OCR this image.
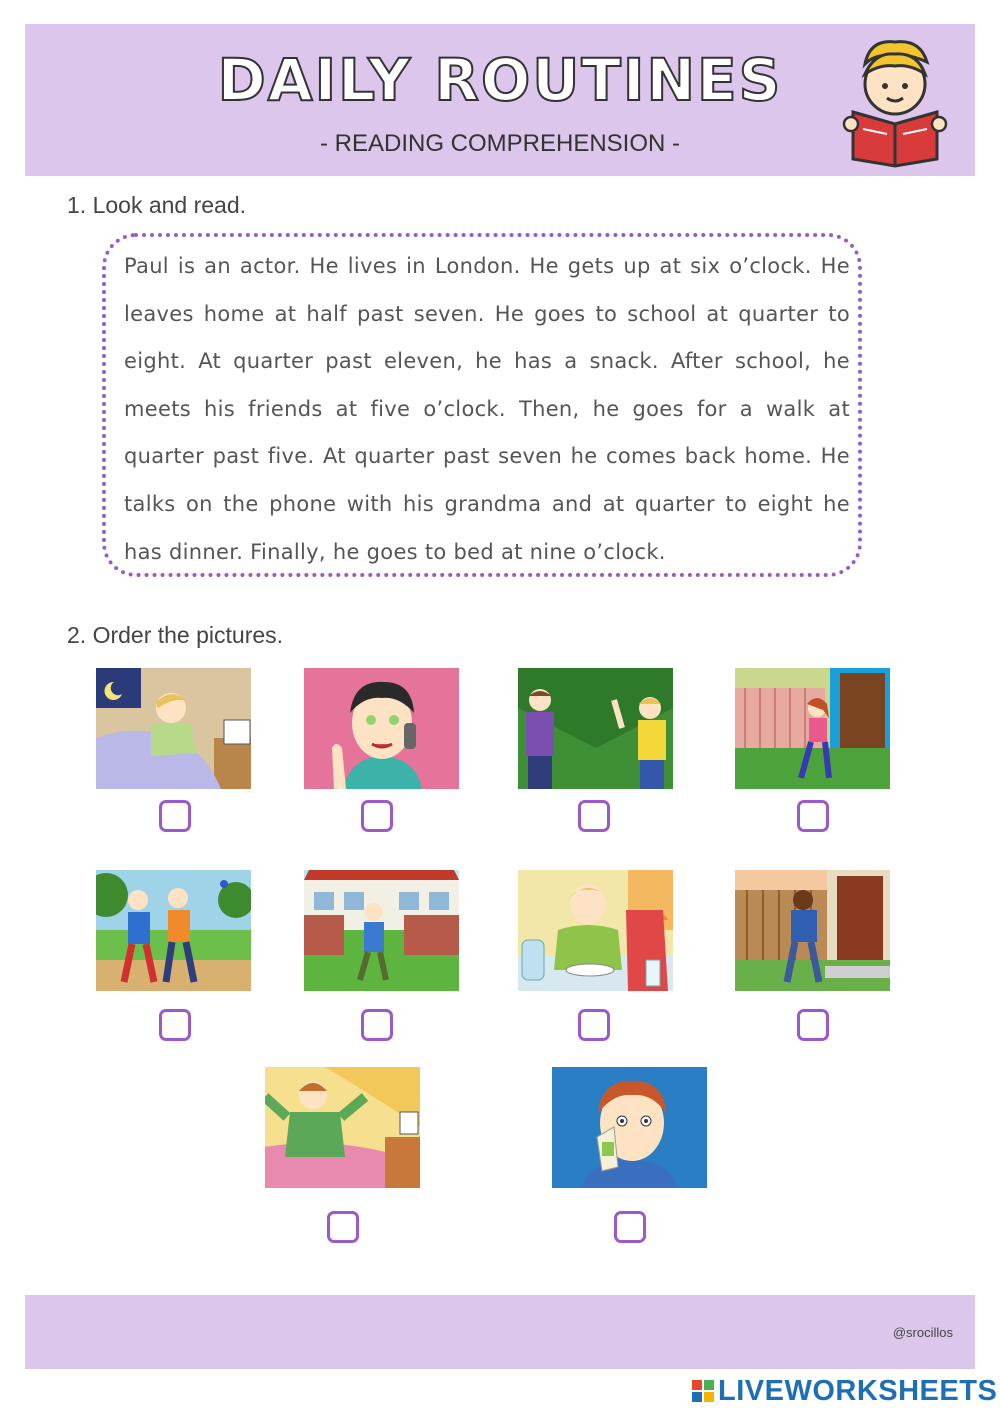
DAILY ROUTINES
- READING COMPREHENSION -
1. Look and read.
Paul is an actor. He lives in London. He gets up at six o’clock. He leaves home at half past seven. He goes to school at quarter to eight. At quarter past eleven, he has a snack. After school, he meets his friends at five o’clock. Then, he goes for a walk at quarter past five. At quarter past seven he comes back home. He talks on the phone with his grandma and at quarter to eight he has dinner. Finally, he goes to bed at nine o’clock.
2. Order the pictures.
@srocillos
LIVEWORKSHEETS
